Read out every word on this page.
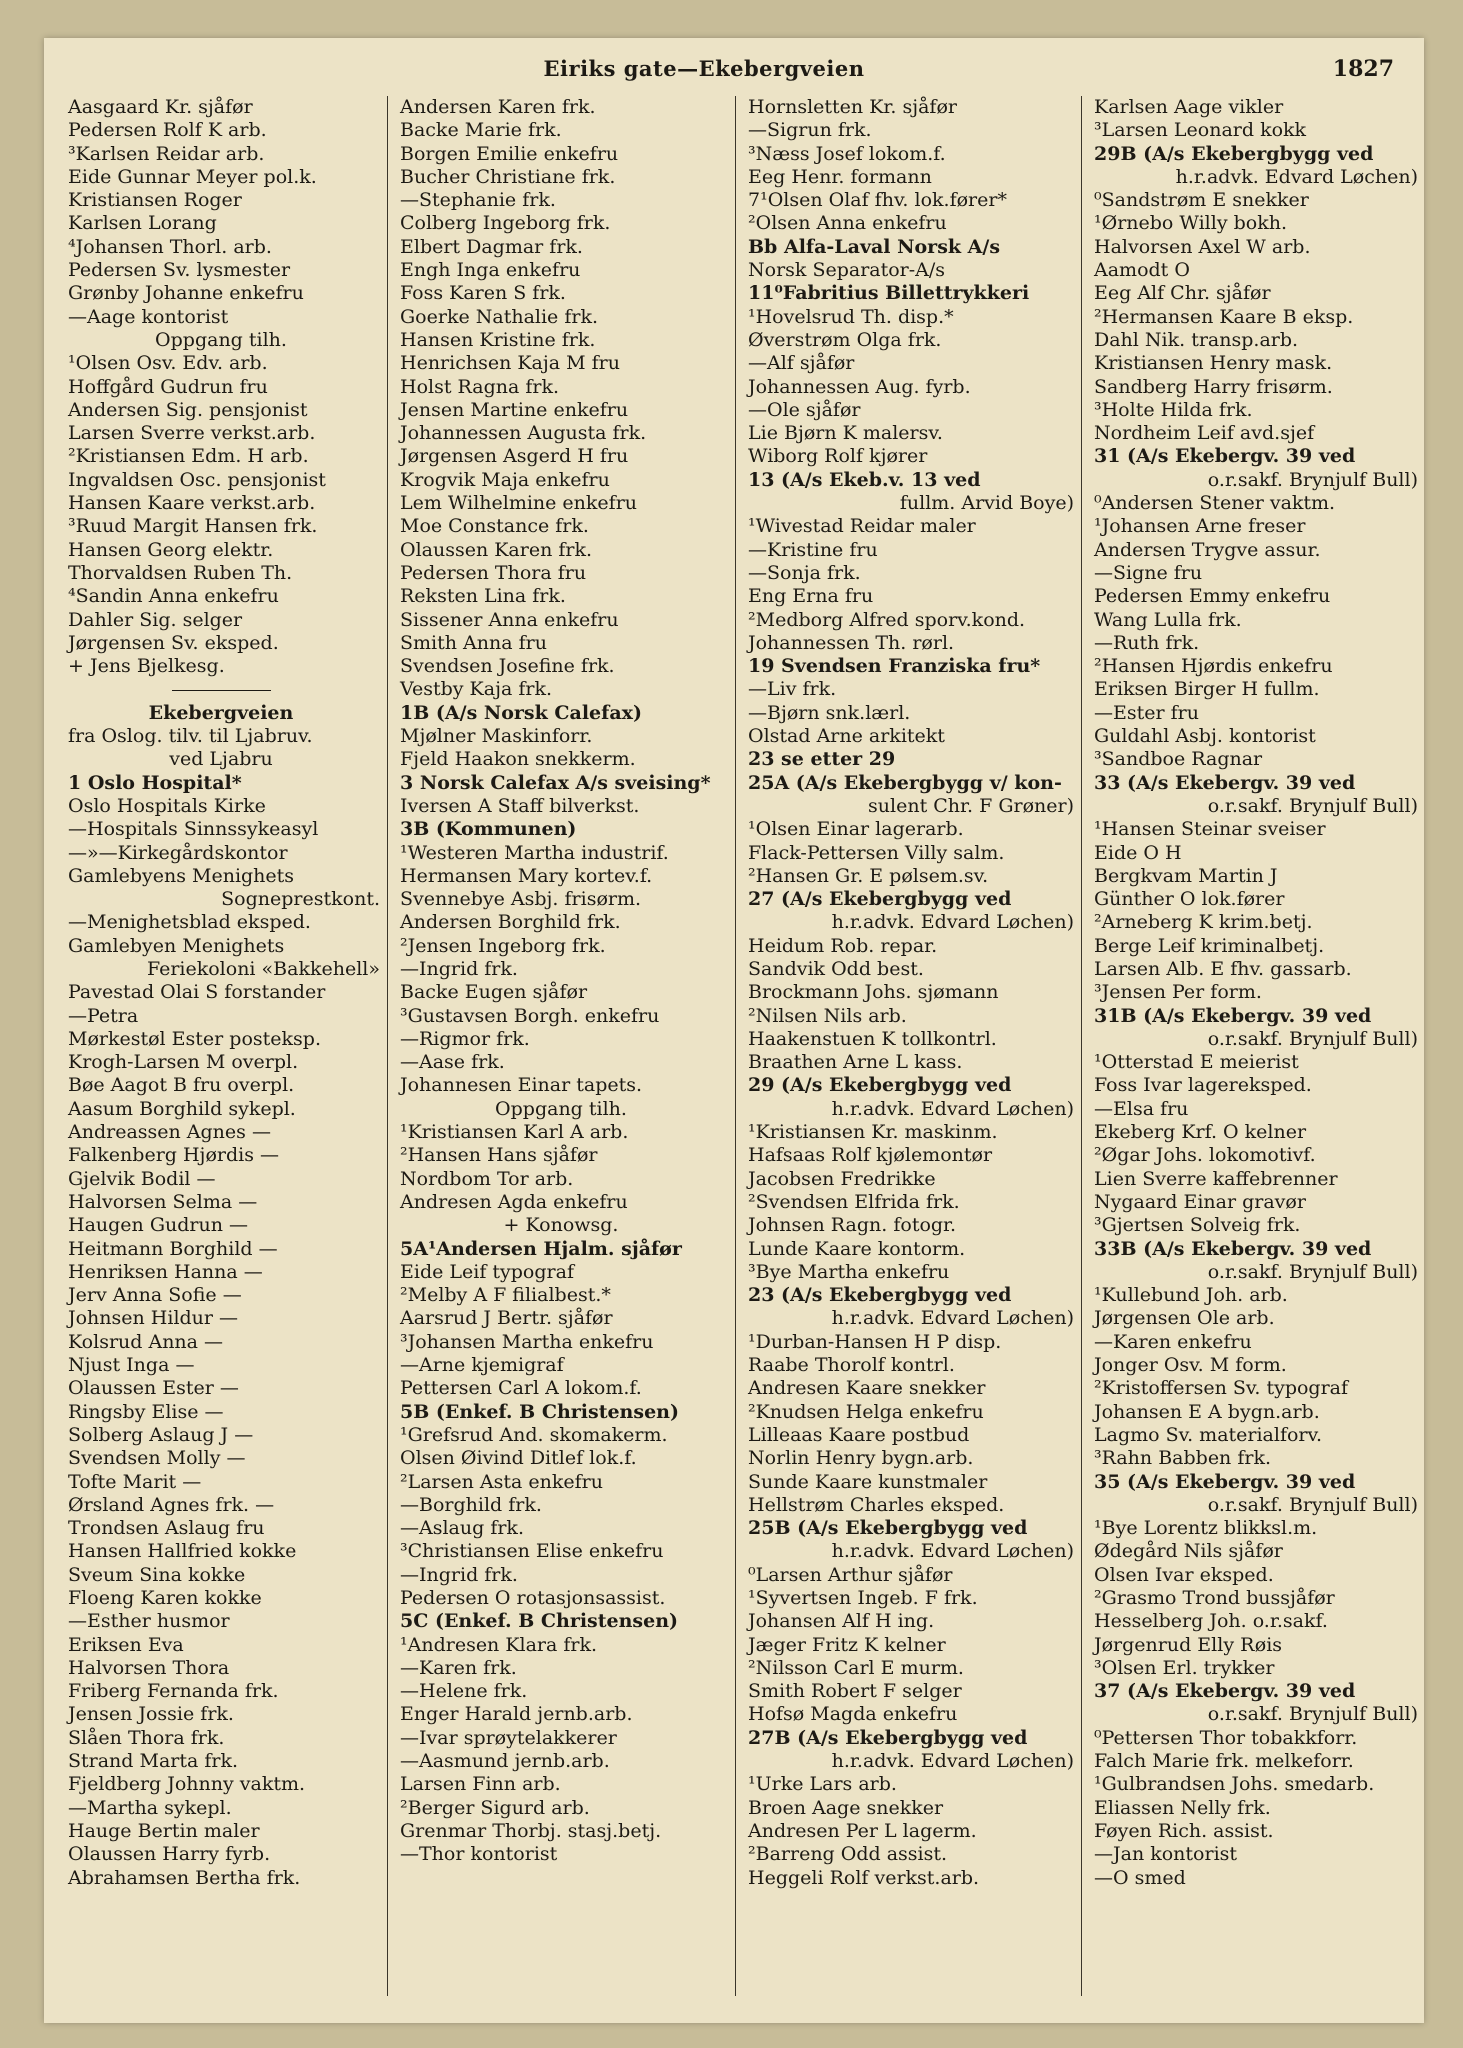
Eiriks gate—Ekebergveien	1827
Aasgaard Kr. sjåfør
Pedersen Rolf K arb.
³Karlsen Reidar arb.
Eide Gunnar Meyer pol.k.
Kristiansen Roger
Karlsen Lorang
⁴Johansen Thorl. arb.
Pedersen Sv. lysmester
Grønby Johanne enkefru
—Aage kontorist
Oppgang tilh.
¹Olsen Osv. Edv. arb.
Hoffgård Gudrun fru
Andersen Sig. pensjonist
Larsen Sverre verkst.arb.
²Kristiansen Edm. H arb.
Ingvaldsen Osc. pensjonist
Hansen Kaare verkst.arb.
³Ruud Margit Hansen frk.
Hansen Georg elektr.
Thorvaldsen Ruben Th.
⁴Sandin Anna enkefru
Dahler Sig. selger
Jørgensen Sv. eksped.
+ Jens Bjelkesg.
Ekebergveien
fra Oslog. tilv. til Ljabruv.
ved Ljabru
1 Oslo Hospital*
Oslo Hospitals Kirke
—Hospitals Sinnssykeasyl
—»—Kirkegårdskontor
Gamlebyens Menighets
Sogneprestkont.
—Menighetsblad eksped.
Gamlebyen Menighets
Feriekoloni «Bakkehell»
Pavestad Olai S forstander
—Petra
Mørkestøl Ester posteksp.
Krogh-Larsen M overpl.
Bøe Aagot B fru overpl.
Aasum Borghild sykepl.
Andreassen Agnes —
Falkenberg Hjørdis —
Gjelvik Bodil —
Halvorsen Selma —
Haugen Gudrun —
Heitmann Borghild —
Henriksen Hanna —
Jerv Anna Sofie —
Johnsen Hildur —
Kolsrud Anna —
Njust Inga —
Olaussen Ester —
Ringsby Elise —
Solberg Aslaug J —
Svendsen Molly —
Tofte Marit —
Ørsland Agnes frk. —
Trondsen Aslaug fru
Hansen Hallfried kokke
Sveum Sina kokke
Floeng Karen kokke
—Esther husmor
Eriksen Eva
Halvorsen Thora
Friberg Fernanda frk.
Jensen Jossie frk.
Slåen Thora frk.
Strand Marta frk.
Fjeldberg Johnny vaktm.
—Martha sykepl.
Hauge Bertin maler
Olaussen Harry fyrb.
Abrahamsen Bertha frk.
Andersen Karen frk.
Backe Marie frk.
Borgen Emilie enkefru
Bucher Christiane frk.
—Stephanie frk.
Colberg Ingeborg frk.
Elbert Dagmar frk.
Engh Inga enkefru
Foss Karen S frk.
Goerke Nathalie frk.
Hansen Kristine frk.
Henrichsen Kaja M fru
Holst Ragna frk.
Jensen Martine enkefru
Johannessen Augusta frk.
Jørgensen Asgerd H fru
Krogvik Maja enkefru
Lem Wilhelmine enkefru
Moe Constance frk.
Olaussen Karen frk.
Pedersen Thora fru
Reksten Lina frk.
Sissener Anna enkefru
Smith Anna fru
Svendsen Josefine frk.
Vestby Kaja frk.
1B (A/s Norsk Calefax)
Mjølner Maskinforr.
Fjeld Haakon snekkerm.
3 Norsk Calefax A/s sveising*
Iversen A Staff bilverkst.
3B (Kommunen)
¹Westeren Martha industrif.
Hermansen Mary kortev.f.
Svennebye Asbj. frisørm.
Andersen Borghild frk.
²Jensen Ingeborg frk.
—Ingrid frk.
Backe Eugen sjåfør
³Gustavsen Borgh. enkefru
—Rigmor frk.
—Aase frk.
Johannesen Einar tapets.
Oppgang tilh.
¹Kristiansen Karl A arb.
²Hansen Hans sjåfør
Nordbom Tor arb.
Andresen Agda enkefru
+ Konowsg.
5A¹Andersen Hjalm. sjåfør
Eide Leif typograf
²Melby A F filialbest.*
Aarsrud J Bertr. sjåfør
³Johansen Martha enkefru
—Arne kjemigraf
Pettersen Carl A lokom.f.
5B (Enkef. B Christensen)
¹Grefsrud And. skomakerm.
Olsen Øivind Ditlef lok.f.
²Larsen Asta enkefru
—Borghild frk.
—Aslaug frk.
³Christiansen Elise enkefru
—Ingrid frk.
Pedersen O rotasjonsassist.
5C (Enkef. B Christensen)
¹Andresen Klara frk.
—Karen frk.
—Helene frk.
Enger Harald jernb.arb.
—Ivar sprøytelakkerer
—Aasmund jernb.arb.
Larsen Finn arb.
²Berger Sigurd arb.
Grenmar Thorbj. stasj.betj.
—Thor kontorist
Hornsletten Kr. sjåfør
—Sigrun frk.
³Næss Josef lokom.f.
Eeg Henr. formann
7¹Olsen Olaf fhv. lok.fører*
²Olsen Anna enkefru
Bb Alfa-Laval Norsk A/s
Norsk Separator-A/s
11⁰Fabritius Billettrykkeri
¹Hovelsrud Th. disp.*
Øverstrøm Olga frk.
—Alf sjåfør
Johannessen Aug. fyrb.
—Ole sjåfør
Lie Bjørn K malersv.
Wiborg Rolf kjører
13 (A/s Ekeb.v. 13 ved
fullm. Arvid Boye)
¹Wivestad Reidar maler
—Kristine fru
—Sonja frk.
Eng Erna fru
²Medborg Alfred sporv.kond.
Johannessen Th. rørl.
19 Svendsen Franziska fru*
—Liv frk.
—Bjørn snk.lærl.
Olstad Arne arkitekt
23 se etter 29
25A (A/s Ekebergbygg v/ kon-
sulent Chr. F Grøner)
¹Olsen Einar lagerarb.
Flack-Pettersen Villy salm.
²Hansen Gr. E pølsem.sv.
27 (A/s Ekebergbygg ved
h.r.advk. Edvard Løchen)
Heidum Rob. repar.
Sandvik Odd best.
Brockmann Johs. sjømann
²Nilsen Nils arb.
Haakenstuen K tollkontrl.
Braathen Arne L kass.
29 (A/s Ekebergbygg ved
h.r.advk. Edvard Løchen)
¹Kristiansen Kr. maskinm.
Hafsaas Rolf kjølemontør
Jacobsen Fredrikke
²Svendsen Elfrida frk.
Johnsen Ragn. fotogr.
Lunde Kaare kontorm.
³Bye Martha enkefru
23 (A/s Ekebergbygg ved
h.r.advk. Edvard Løchen)
¹Durban-Hansen H P disp.
Raabe Thorolf kontrl.
Andresen Kaare snekker
²Knudsen Helga enkefru
Lilleaas Kaare postbud
Norlin Henry bygn.arb.
Sunde Kaare kunstmaler
Hellstrøm Charles eksped.
25B (A/s Ekebergbygg ved
h.r.advk. Edvard Løchen)
⁰Larsen Arthur sjåfør
¹Syvertsen Ingeb. F frk.
Johansen Alf H ing.
Jæger Fritz K kelner
²Nilsson Carl E murm.
Smith Robert F selger
Hofsø Magda enkefru
27B (A/s Ekebergbygg ved
h.r.advk. Edvard Løchen)
¹Urke Lars arb.
Broen Aage snekker
Andresen Per L lagerm.
²Barreng Odd assist.
Heggeli Rolf verkst.arb.
Karlsen Aage vikler
³Larsen Leonard kokk
29B (A/s Ekebergbygg ved
h.r.advk. Edvard Løchen)
⁰Sandstrøm E snekker
¹Ørnebo Willy bokh.
Halvorsen Axel W arb.
Aamodt O
Eeg Alf Chr. sjåfør
²Hermansen Kaare B eksp.
Dahl Nik. transp.arb.
Kristiansen Henry mask.
Sandberg Harry frisørm.
³Holte Hilda frk.
Nordheim Leif avd.sjef
31 (A/s Ekebergv. 39 ved
o.r.sakf. Brynjulf Bull)
⁰Andersen Stener vaktm.
¹Johansen Arne freser
Andersen Trygve assur.
—Signe fru
Pedersen Emmy enkefru
Wang Lulla frk.
—Ruth frk.
²Hansen Hjørdis enkefru
Eriksen Birger H fullm.
—Ester fru
Guldahl Asbj. kontorist
³Sandboe Ragnar
33 (A/s Ekebergv. 39 ved
o.r.sakf. Brynjulf Bull)
¹Hansen Steinar sveiser
Eide O H
Bergkvam Martin J
Günther O lok.fører
²Arneberg K krim.betj.
Berge Leif kriminalbetj.
Larsen Alb. E fhv. gassarb.
³Jensen Per form.
31B (A/s Ekebergv. 39 ved
o.r.sakf. Brynjulf Bull)
¹Otterstad E meierist
Foss Ivar lagereksped.
—Elsa fru
Ekeberg Krf. O kelner
²Øgar Johs. lokomotivf.
Lien Sverre kaffebrenner
Nygaard Einar gravør
³Gjertsen Solveig frk.
33B (A/s Ekebergv. 39 ved
o.r.sakf. Brynjulf Bull)
¹Kullebund Joh. arb.
Jørgensen Ole arb.
—Karen enkefru
Jonger Osv. M form.
²Kristoffersen Sv. typograf
Johansen E A bygn.arb.
Lagmo Sv. materialforv.
³Rahn Babben frk.
35 (A/s Ekebergv. 39 ved
o.r.sakf. Brynjulf Bull)
¹Bye Lorentz blikksl.m.
Ødegård Nils sjåfør
Olsen Ivar eksped.
²Grasmo Trond bussjåfør
Hesselberg Joh. o.r.sakf.
Jørgenrud Elly Røis
³Olsen Erl. trykker
37 (A/s Ekebergv. 39 ved
o.r.sakf. Brynjulf Bull)
⁰Pettersen Thor tobakkforr.
Falch Marie frk. melkeforr.
¹Gulbrandsen Johs. smedarb.
Eliassen Nelly frk.
Føyen Rich. assist.
—Jan kontorist
—O smed
